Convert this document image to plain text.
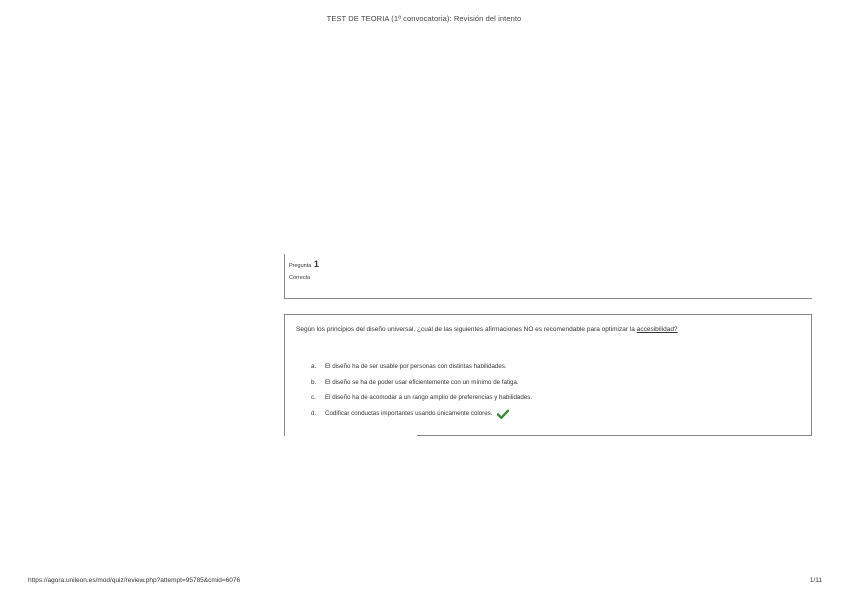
TEST DE TEORIA (1ª convocatoria): Revisión del intento
Pregunta 1
Correcta
Según los principios del diseño universal, ¿cuál de las siguientes afirmaciones NO es recomendable para optimizar la accesibilidad?
a.	El diseño ha de ser usable por personas con distintas habilidades.
b.	El diseño se ha de poder usar eficientemente con un mínimo de fatiga.
c.	El diseño ha de acomodar a un rango amplio de preferencias y habilidades.
d.	Codificar conductas importantes usando únicamente colores.
https://agora.unileon.es/mod/quiz/review.php?attempt=95785&cmid=6076	1/11
